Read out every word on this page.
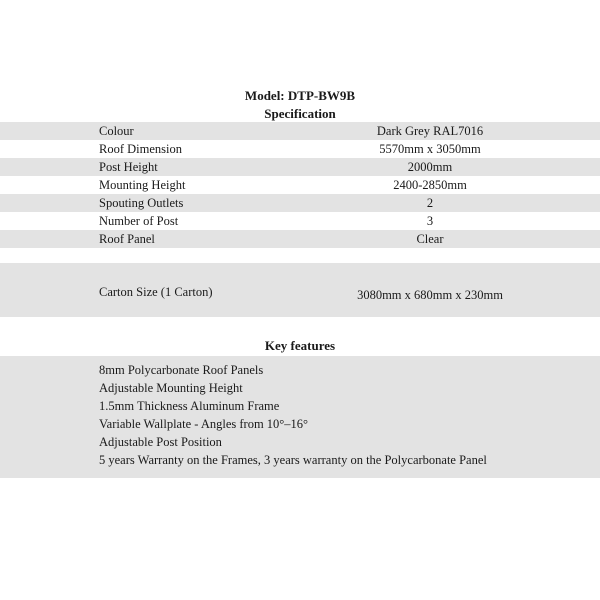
Model: DTP-BW9B
Specification
Colour	Dark Grey RAL7016
Roof Dimension	5570mm x 3050mm
Post Height	2000mm
Mounting Height	2400-2850mm
Spouting Outlets	2
Number of Post	3
Roof Panel	Clear
Carton Size (1 Carton)	3080mm x 680mm x 230mm
Key features
8mm Polycarbonate Roof Panels
Adjustable Mounting Height
1.5mm Thickness Aluminum Frame
Variable Wallplate - Angles from 10°–16°
Adjustable Post Position
5 years Warranty on the Frames, 3 years warranty on the Polycarbonate Panel
